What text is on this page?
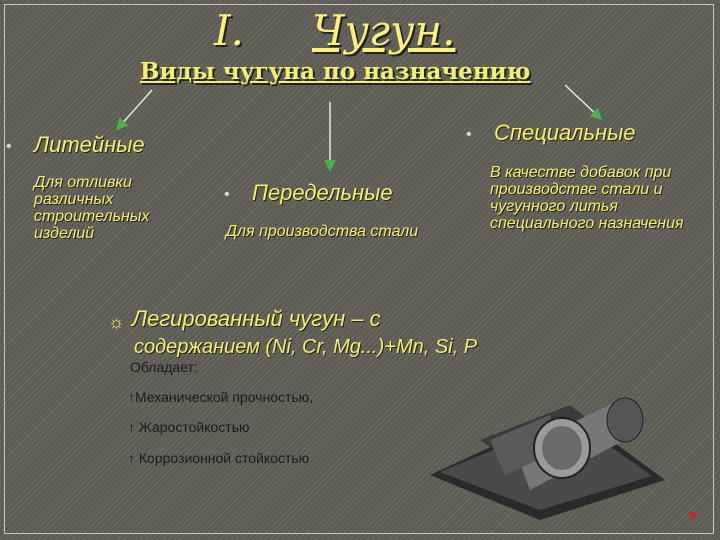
I. Чугун.
Виды чугуна по назначению
• Литейные
Для отливки различных строительных изделий
• Передельные
Для производства стали
• Специальные
В качестве добавок при производстве стали и чугунного литья специального назначения
☼ Легированный чугун – с
содержанием (Ni, Cr, Mg...)+Mn, Si, P
Обладает:
↑Механической прочностью,
↑ Жаростойкостью
↑ Коррозионной стойкостью
